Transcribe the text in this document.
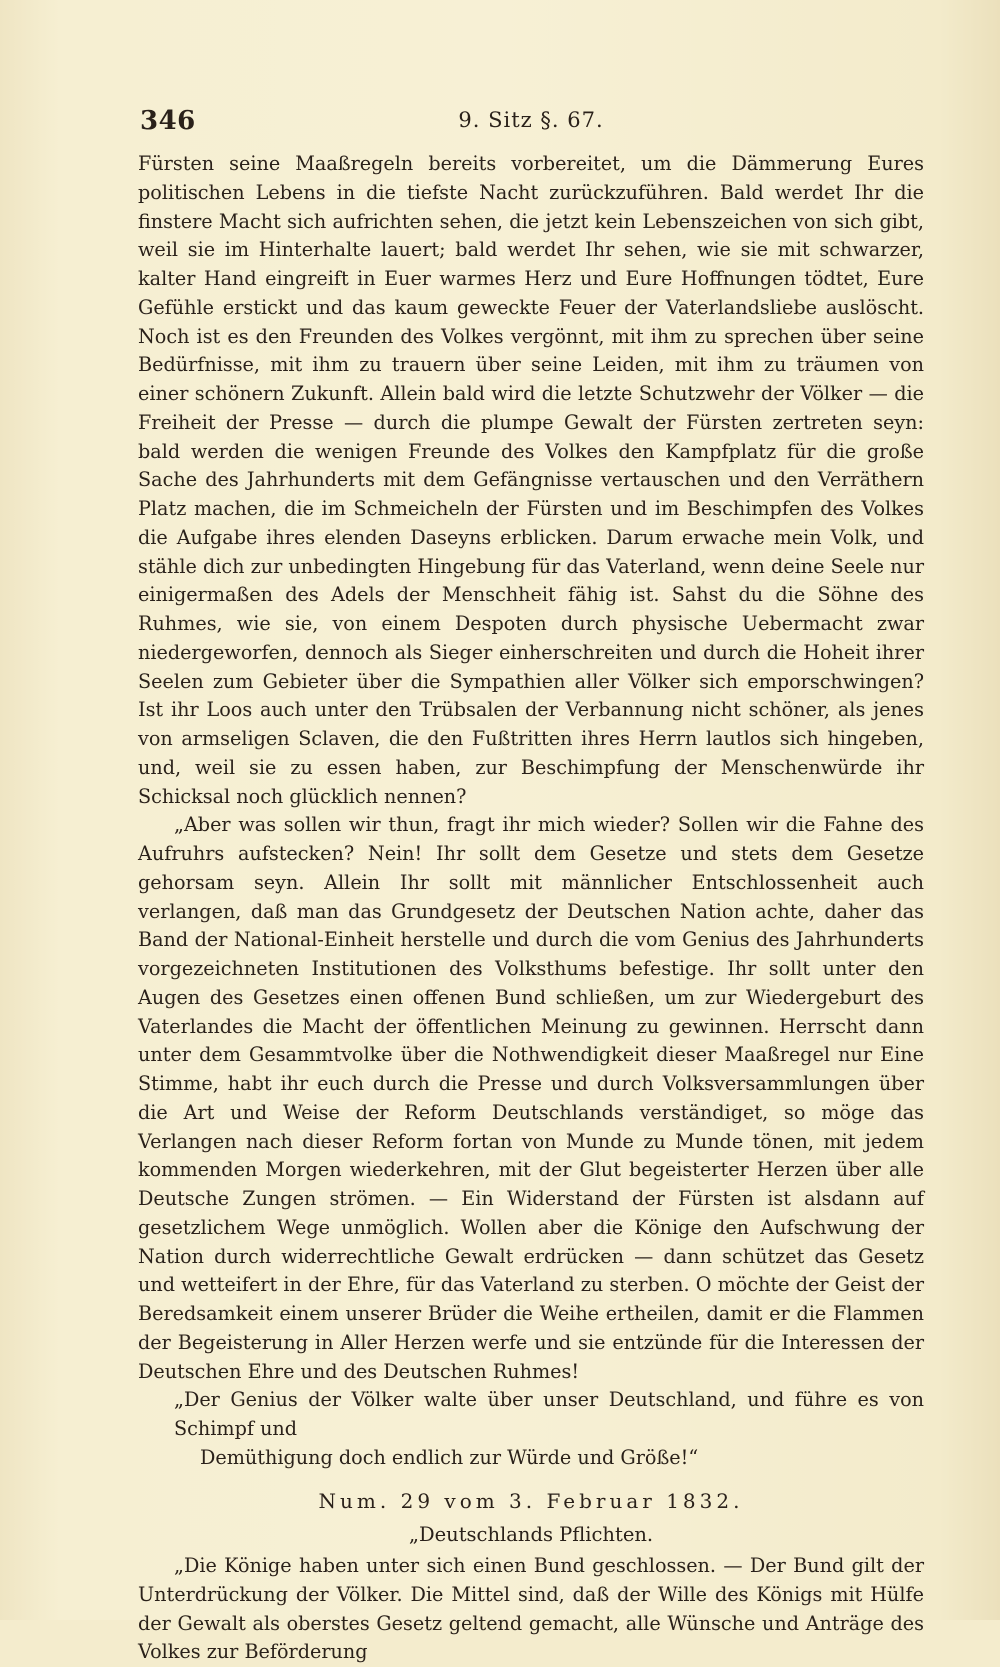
346	9. Sitz §. 67.

Fürsten seine Maaßregeln bereits vorbereitet, um die Dämmerung Eures politischen Lebens in die tiefste Nacht zurückzuführen. Bald werdet Ihr die finstere Macht sich aufrichten sehen, die jetzt kein Lebenszeichen von sich gibt, weil sie im Hinterhalte lauert; bald werdet Ihr sehen, wie sie mit schwarzer, kalter Hand eingreift in Euer warmes Herz und Eure Hoffnungen tödtet, Eure Gefühle erstickt und das kaum geweckte Feuer der Vaterlandsliebe auslöscht. Noch ist es den Freunden des Volkes vergönnt, mit ihm zu sprechen über seine Bedürfnisse, mit ihm zu trauern über seine Leiden, mit ihm zu träumen von einer schönern Zukunft. Allein bald wird die letzte Schutzwehr der Völker — die Freiheit der Presse — durch die plumpe Gewalt der Fürsten zertreten seyn: bald werden die wenigen Freunde des Volkes den Kampfplatz für die große Sache des Jahrhunderts mit dem Gefängnisse vertauschen und den Verräthern Platz machen, die im Schmeicheln der Fürsten und im Beschimpfen des Volkes die Aufgabe ihres elenden Daseyns erblicken. Darum erwache mein Volk, und stähle dich zur unbedingten Hingebung für das Vaterland, wenn deine Seele nur einigermaßen des Adels der Menschheit fähig ist. Sahst du die Söhne des Ruhmes, wie sie, von einem Despoten durch physische Uebermacht zwar niedergeworfen, dennoch als Sieger einherschreiten und durch die Hoheit ihrer Seelen zum Gebieter über die Sympathien aller Völker sich emporschwingen? Ist ihr Loos auch unter den Trübsalen der Verbannung nicht schöner, als jenes von armseligen Sclaven, die den Fußtritten ihres Herrn lautlos sich hingeben, und, weil sie zu essen haben, zur Beschimpfung der Menschenwürde ihr Schicksal noch glücklich nennen?

„Aber was sollen wir thun, fragt ihr mich wieder? Sollen wir die Fahne des Aufruhrs aufstecken? Nein! Ihr sollt dem Gesetze und stets dem Gesetze gehorsam seyn. Allein Ihr sollt mit männlicher Entschlossenheit auch verlangen, daß man das Grundgesetz der Deutschen Nation achte, daher das Band der National-Einheit herstelle und durch die vom Genius des Jahrhunderts vorgezeichneten Institutionen des Volksthums befestige. Ihr sollt unter den Augen des Gesetzes einen offenen Bund schließen, um zur Wiedergeburt des Vaterlandes die Macht der öffentlichen Meinung zu gewinnen. Herrscht dann unter dem Gesammtvolke über die Nothwendigkeit dieser Maaßregel nur Eine Stimme, habt ihr euch durch die Presse und durch Volksversammlungen über die Art und Weise der Reform Deutschlands verständiget, so möge das Verlangen nach dieser Reform fortan von Munde zu Munde tönen, mit jedem kommenden Morgen wiederkehren, mit der Glut begeisterter Herzen über alle Deutsche Zungen strömen. — Ein Widerstand der Fürsten ist alsdann auf gesetzlichem Wege unmöglich. Wollen aber die Könige den Aufschwung der Nation durch widerrechtliche Gewalt erdrücken — dann schützet das Gesetz und wetteifert in der Ehre, für das Vaterland zu sterben. O möchte der Geist der Beredsamkeit einem unserer Brüder die Weihe ertheilen, damit er die Flammen der Begeisterung in Aller Herzen werfe und sie entzünde für die Interessen der Deutschen Ehre und des Deutschen Ruhmes!

„Der Genius der Völker walte über unser Deutschland, und führe es von Schimpf und

Demüthigung doch endlich zur Würde und Größe!“

Num. 29 vom 3. Februar 1832.

„Deutschlands Pflichten.

„Die Könige haben unter sich einen Bund geschlossen. — Der Bund gilt der Unterdrückung der Völker. Die Mittel sind, daß der Wille des Königs mit Hülfe der Gewalt als oberstes Gesetz geltend gemacht, alle Wünsche und Anträge des Volkes zur Beförderung
